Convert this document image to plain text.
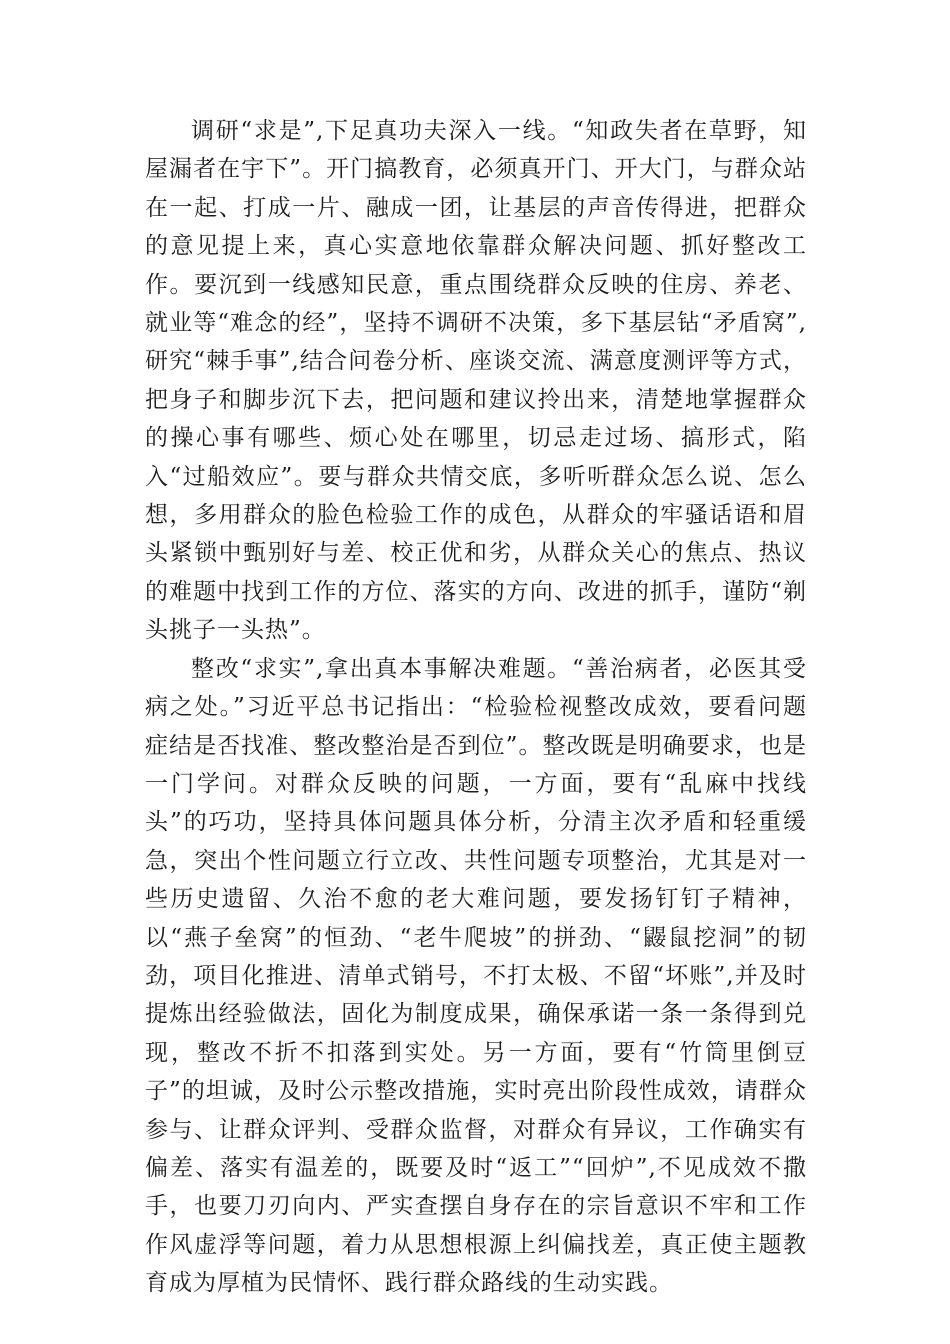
调研“求是”,下足真功夫深入一线。“知政失者在草野，知屋漏者在宇下”。开门搞教育，必须真开门、开大门，与群众站在一起、打成一片、融成一团，让基层的声音传得进，把群众的意见提上来，真心实意地依靠群众解决问题、抓好整改工作。要沉到一线感知民意，重点围绕群众反映的住房、养老、就业等“难念的经”，坚持不调研不决策，多下基层钻“矛盾窝”,研究“棘手事”,结合问卷分析、座谈交流、满意度测评等方式，把身子和脚步沉下去，把问题和建议拎出来，清楚地掌握群众的操心事有哪些、烦心处在哪里，切忌走过场、搞形式，陷入“过船效应”。要与群众共情交底，多听听群众怎么说、怎么想，多用群众的脸色检验工作的成色，从群众的牢骚话语和眉头紧锁中甄别好与差、校正优和劣，从群众关心的焦点、热议的难题中找到工作的方位、落实的方向、改进的抓手，谨防“剃头挑子一头热”。

整改“求实”,拿出真本事解决难题。“善治病者，必医其受病之处。”习近平总书记指出：“检验检视整改成效，要看问题症结是否找准、整改整治是否到位”。整改既是明确要求，也是一门学问。对群众反映的问题，一方面，要有“乱麻中找线头”的巧功，坚持具体问题具体分析，分清主次矛盾和轻重缓急，突出个性问题立行立改、共性问题专项整治，尤其是对一些历史遗留、久治不愈的老大难问题，要发扬钉钉子精神，以“燕子垒窝”的恒劲、“老牛爬坡”的拼劲、“鼹鼠挖洞”的韧劲，项目化推进、清单式销号，不打太极、不留“坏账”,并及时提炼出经验做法，固化为制度成果，确保承诺一条一条得到兑现，整改不折不扣落到实处。另一方面，要有“竹筒里倒豆子”的坦诚，及时公示整改措施，实时亮出阶段性成效，请群众参与、让群众评判、受群众监督，对群众有异议，工作确实有偏差、落实有温差的，既要及时“返工”“回炉”,不见成效不撒手，也要刀刃向内、严实查摆自身存在的宗旨意识不牢和工作作风虚浮等问题，着力从思想根源上纠偏找差，真正使主题教育成为厚植为民情怀、践行群众路线的生动实践。
